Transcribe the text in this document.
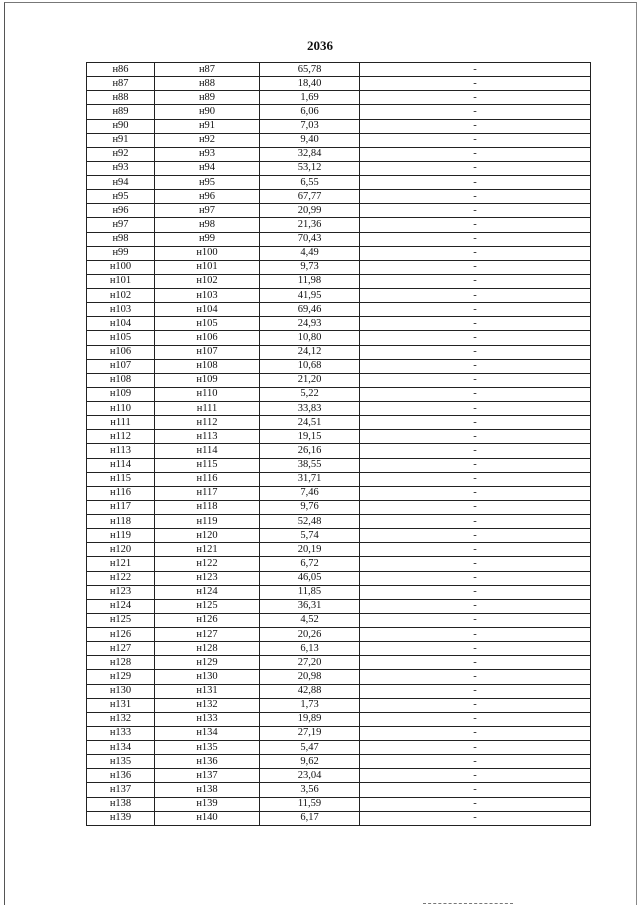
2036
н86	н87	65,78	-
н87	н88	18,40	-
н88	н89	1,69	-
н89	н90	6,06	-
н90	н91	7,03	-
н91	н92	9,40	-
н92	н93	32,84	-
н93	н94	53,12	-
н94	н95	6,55	-
н95	н96	67,77	-
н96	н97	20,99	-
н97	н98	21,36	-
н98	н99	70,43	-
н99	н100	4,49	-
н100	н101	9,73	-
н101	н102	11,98	-
н102	н103	41,95	-
н103	н104	69,46	-
н104	н105	24,93	-
н105	н106	10,80	-
н106	н107	24,12	-
н107	н108	10,68	-
н108	н109	21,20	-
н109	н110	5,22	-
н110	н111	33,83	-
н111	н112	24,51	-
н112	н113	19,15	-
н113	н114	26,16	-
н114	н115	38,55	-
н115	н116	31,71	-
н116	н117	7,46	-
н117	н118	9,76	-
н118	н119	52,48	-
н119	н120	5,74	-
н120	н121	20,19	-
н121	н122	6,72	-
н122	н123	46,05	-
н123	н124	11,85	-
н124	н125	36,31	-
н125	н126	4,52	-
н126	н127	20,26	-
н127	н128	6,13	-
н128	н129	27,20	-
н129	н130	20,98	-
н130	н131	42,88	-
н131	н132	1,73	-
н132	н133	19,89	-
н133	н134	27,19	-
н134	н135	5,47	-
н135	н136	9,62	-
н136	н137	23,04	-
н137	н138	3,56	-
н138	н139	11,59	-
н139	н140	6,17	-
